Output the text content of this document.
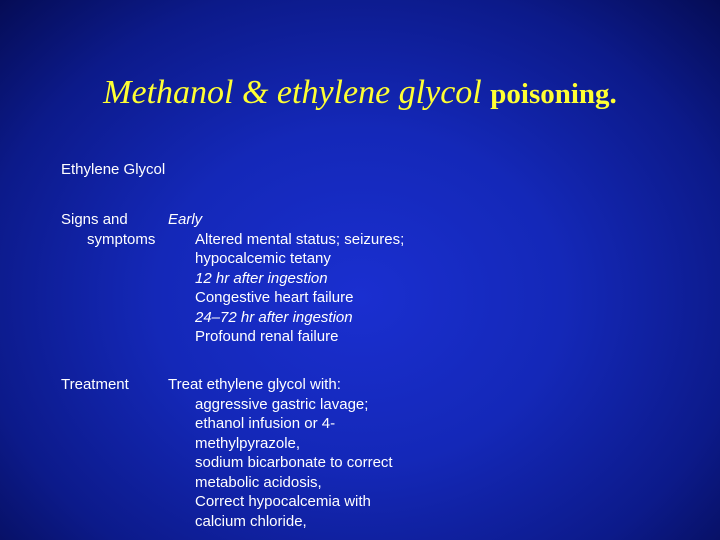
Methanol & ethylene glycol poisoning.
Ethylene Glycol
Signs and symptoms
Early
Altered mental status; seizures; hypocalcemic tetany
12 hr after ingestion
Congestive heart failure
24–72 hr after ingestion
Profound renal failure
Treatment	Treat ethylene glycol with:
aggressive gastric lavage;
ethanol infusion or 4-methylpyrazole,
sodium bicarbonate to correct metabolic acidosis,
Correct hypocalcemia with calcium chloride,
